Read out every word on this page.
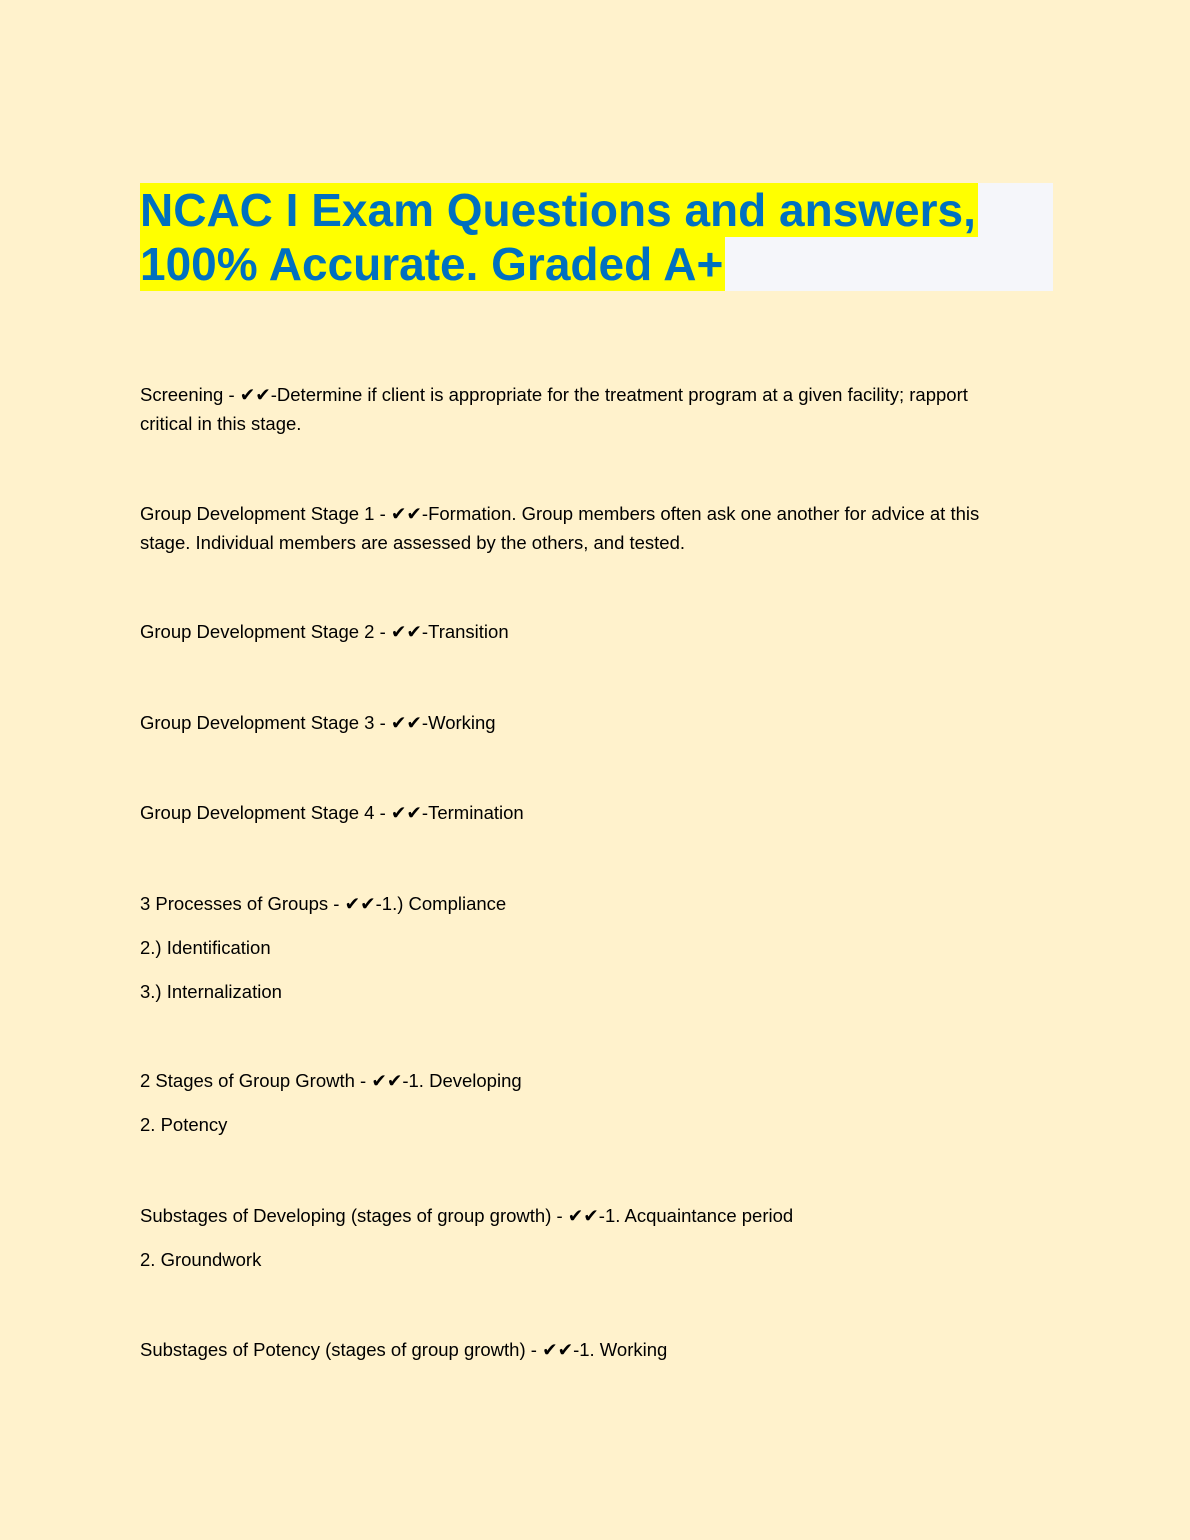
NCAC I Exam Questions and answers,
100% Accurate. Graded A+

Screening - ✔✔-Determine if client is appropriate for the treatment program at a given facility; rapport

critical in this stage.

Group Development Stage 1 - ✔✔-Formation. Group members often ask one another for advice at this

stage. Individual members are assessed by the others, and tested.

Group Development Stage 2 - ✔✔-Transition

Group Development Stage 3 - ✔✔-Working

Group Development Stage 4 - ✔✔-Termination

3 Processes of Groups - ✔✔-1.) Compliance

2.) Identification

3.) Internalization

2 Stages of Group Growth - ✔✔-1. Developing

2. Potency

Substages of Developing (stages of group growth) - ✔✔-1. Acquaintance period

2. Groundwork

Substages of Potency (stages of group growth) - ✔✔-1. Working
